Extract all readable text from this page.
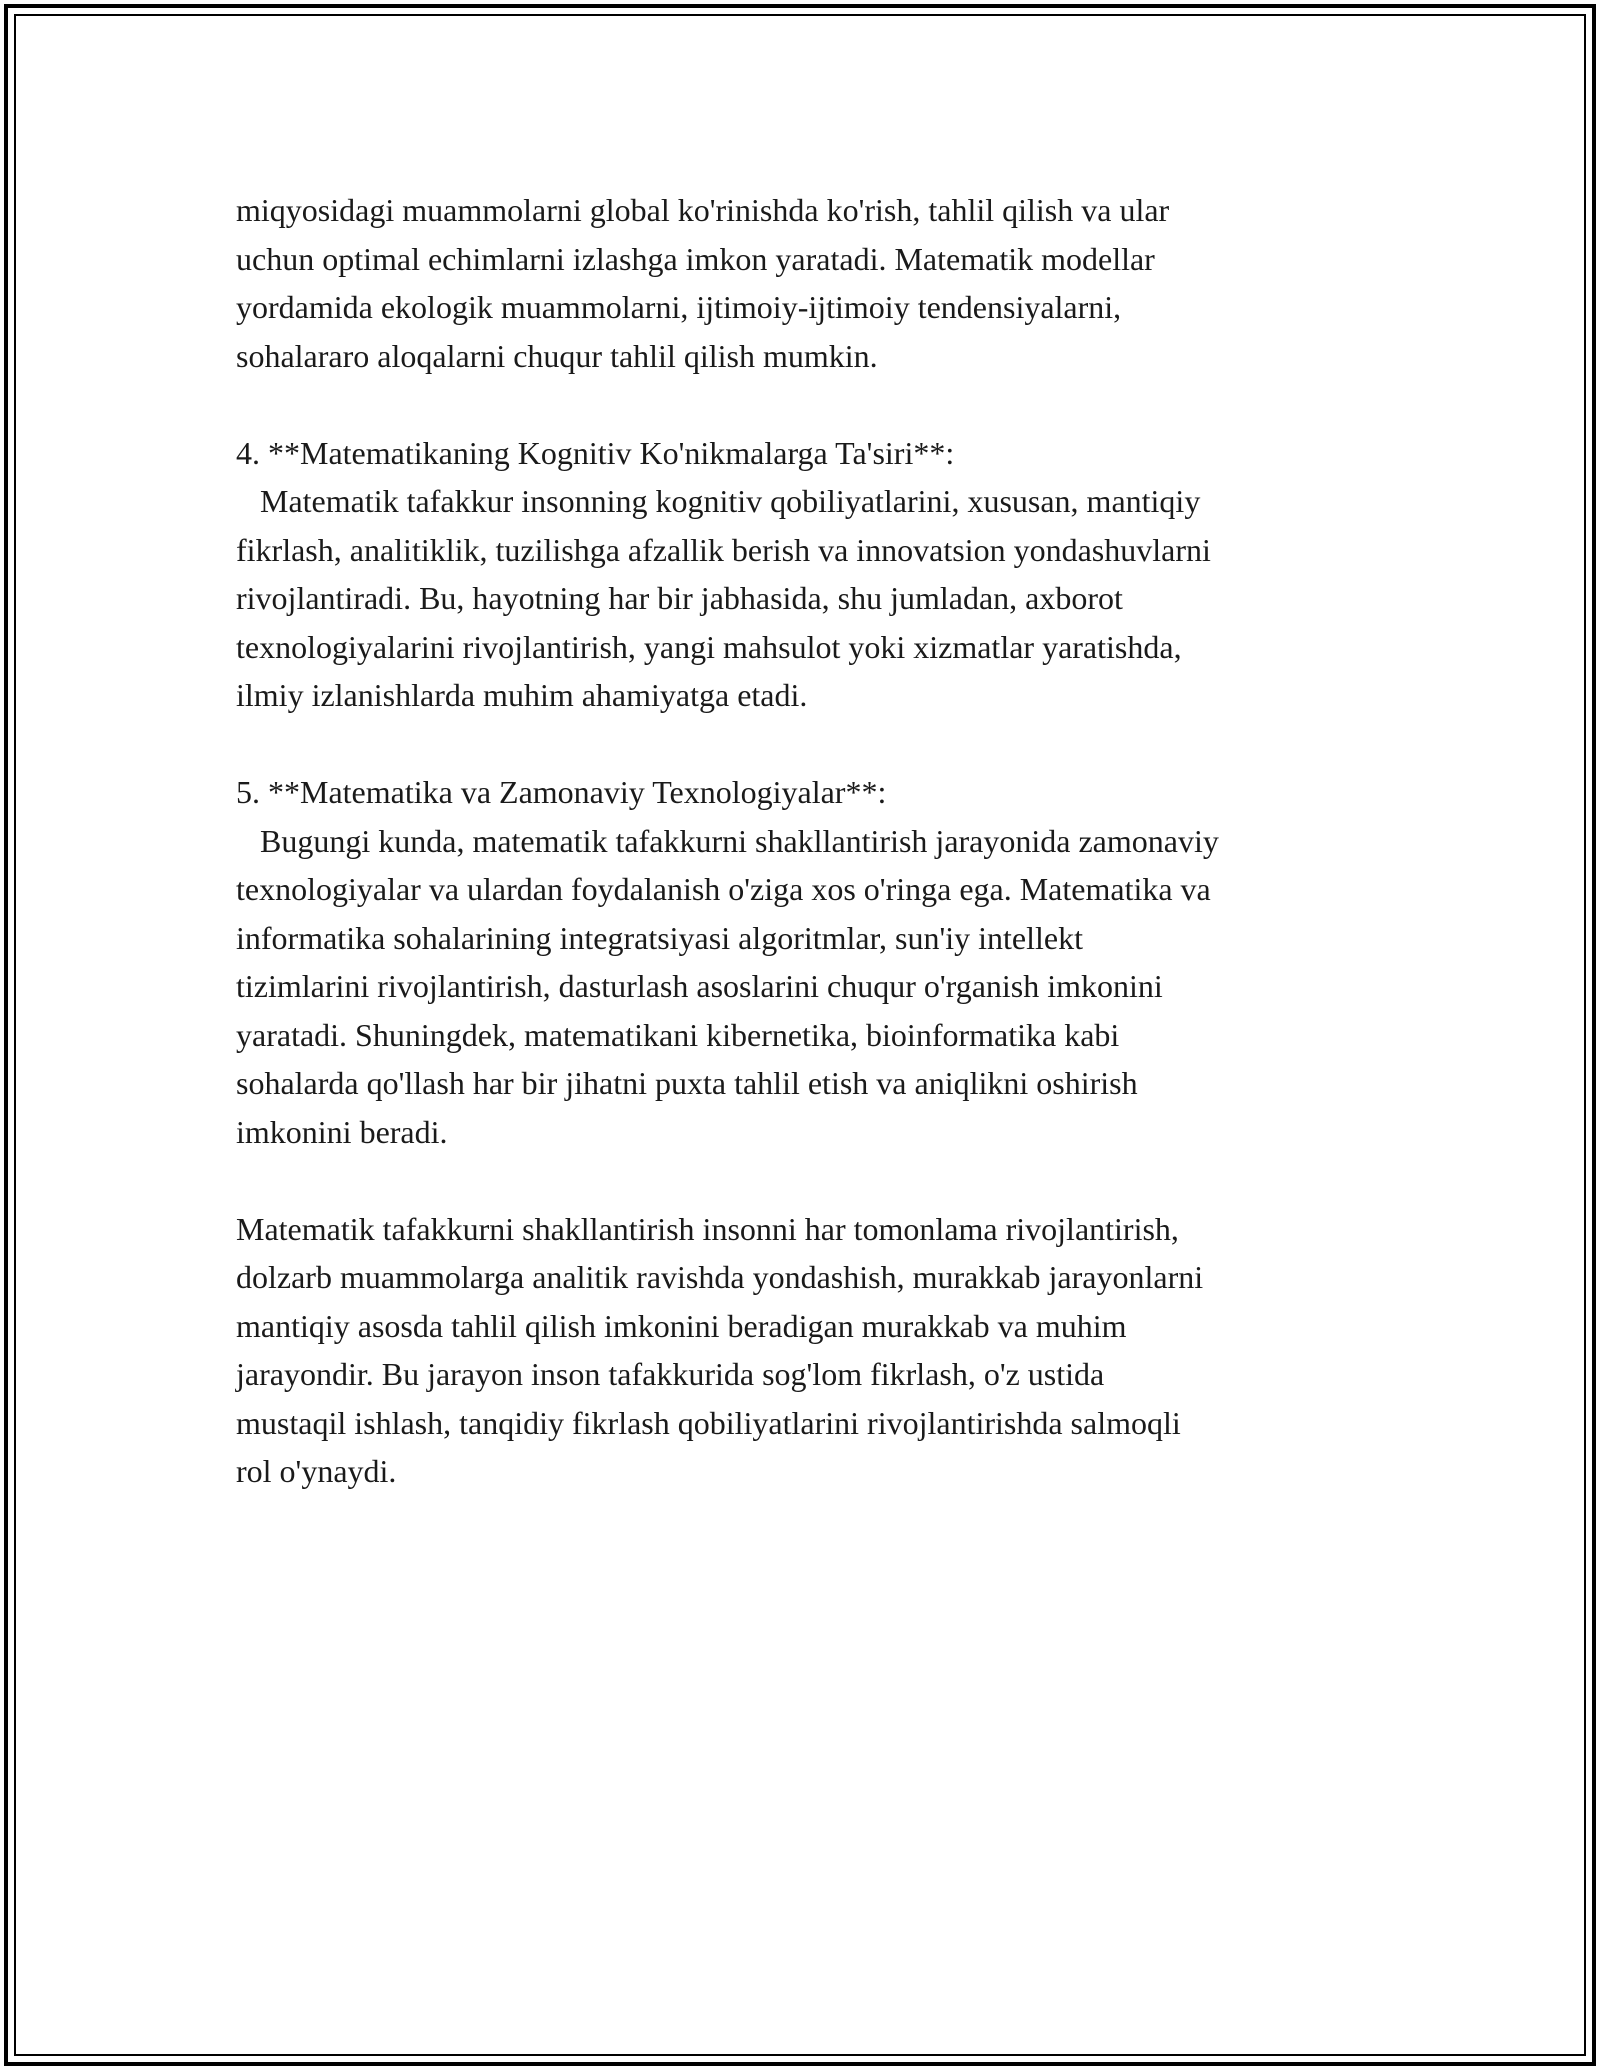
miqyosidagi muammolarni global ko'rinishda ko'rish, tahlil qilish va ular
uchun optimal echimlarni izlashga imkon yaratadi. Matematik modellar
yordamida ekologik muammolarni, ijtimoiy-ijtimoiy tendensiyalarni,
sohalararo aloqalarni chuqur tahlil qilish mumkin.

4. **Matematikaning Kognitiv Ko'nikmalarga Ta'siri**:

Matematik tafakkur insonning kognitiv qobiliyatlarini, xususan, mantiqiy
fikrlash, analitiklik, tuzilishga afzallik berish va innovatsion yondashuvlarni
rivojlantiradi. Bu, hayotning har bir jabhasida, shu jumladan, axborot
texnologiyalarini rivojlantirish, yangi mahsulot yoki xizmatlar yaratishda,
ilmiy izlanishlarda muhim ahamiyatga etadi.

5. **Matematika va Zamonaviy Texnologiyalar**:

Bugungi kunda, matematik tafakkurni shakllantirish jarayonida zamonaviy
texnologiyalar va ulardan foydalanish o'ziga xos o'ringa ega. Matematika va
informatika sohalarining integratsiyasi algoritmlar, sun'iy intellekt
tizimlarini rivojlantirish, dasturlash asoslarini chuqur o'rganish imkonini
yaratadi. Shuningdek, matematikani kibernetika, bioinformatika kabi
sohalarda qo'llash har bir jihatni puxta tahlil etish va aniqlikni oshirish
imkonini beradi.

Matematik tafakkurni shakllantirish insonni har tomonlama rivojlantirish,
dolzarb muammolarga analitik ravishda yondashish, murakkab jarayonlarni
mantiqiy asosda tahlil qilish imkonini beradigan murakkab va muhim
jarayondir. Bu jarayon inson tafakkurida sog'lom fikrlash, o'z ustida
mustaqil ishlash, tanqidiy fikrlash qobiliyatlarini rivojlantirishda salmoqli
rol o'ynaydi.
